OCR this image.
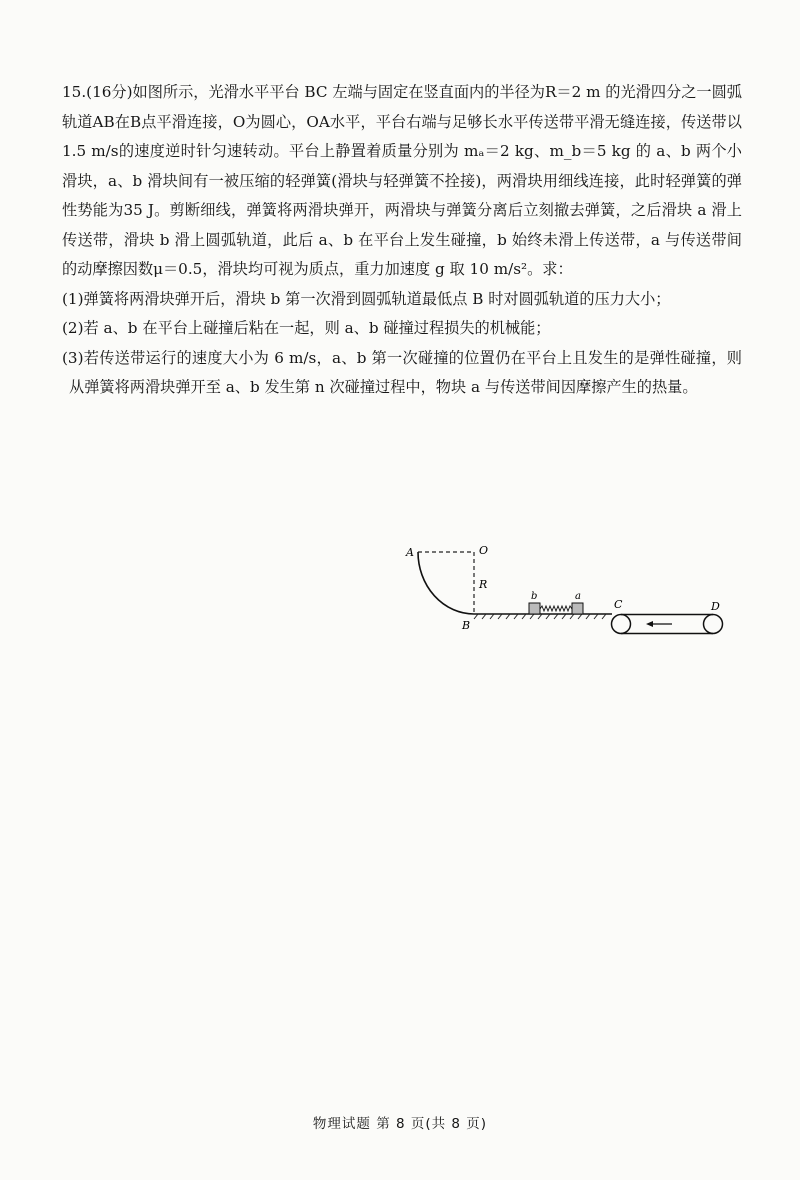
15.(16分)如图所示，光滑水平平台 BC 左端与固定在竖直面内的半径为R＝2 m 的光滑四分之一圆弧轨道AB在B点平滑连接，O为圆心，OA水平，平台右端与足够长水平传送带平滑无缝连接，传送带以1.5 m/s的速度逆时针匀速转动。平台上静置着质量分别为 mₐ＝2 kg、m_b＝5 kg 的 a、b 两个小滑块，a、b 滑块间有一被压缩的轻弹簧(滑块与轻弹簧不拴接)，两滑块用细线连接，此时轻弹簧的弹性势能为35 J。剪断细线，弹簧将两滑块弹开，两滑块与弹簧分离后立刻撤去弹簧，之后滑块 a 滑上传送带，滑块 b 滑上圆弧轨道，此后 a、b 在平台上发生碰撞，b 始终未滑上传送带，a 与传送带间的动摩擦因数μ＝0.5，滑块均可视为质点，重力加速度 g 取 10 m/s²。求：

(1)弹簧将两滑块弹开后，滑块 b 第一次滑到圆弧轨道最低点 B 时对圆弧轨道的压力大小；

(2)若 a、b 在平台上碰撞后粘在一起，则 a、b 碰撞过程损失的机械能；

(3)若传送带运行的速度大小为 6 m/s，a、b 第一次碰撞的位置仍在平台上且发生的是弹性碰撞，则从弹簧将两滑块弹开至 a、b 发生第 n 次碰撞过程中，物块 a 与传送带间因摩擦产生的热量。

A	O
R
B
b	a
C	D
物理试题 第 8 页(共 8 页)
